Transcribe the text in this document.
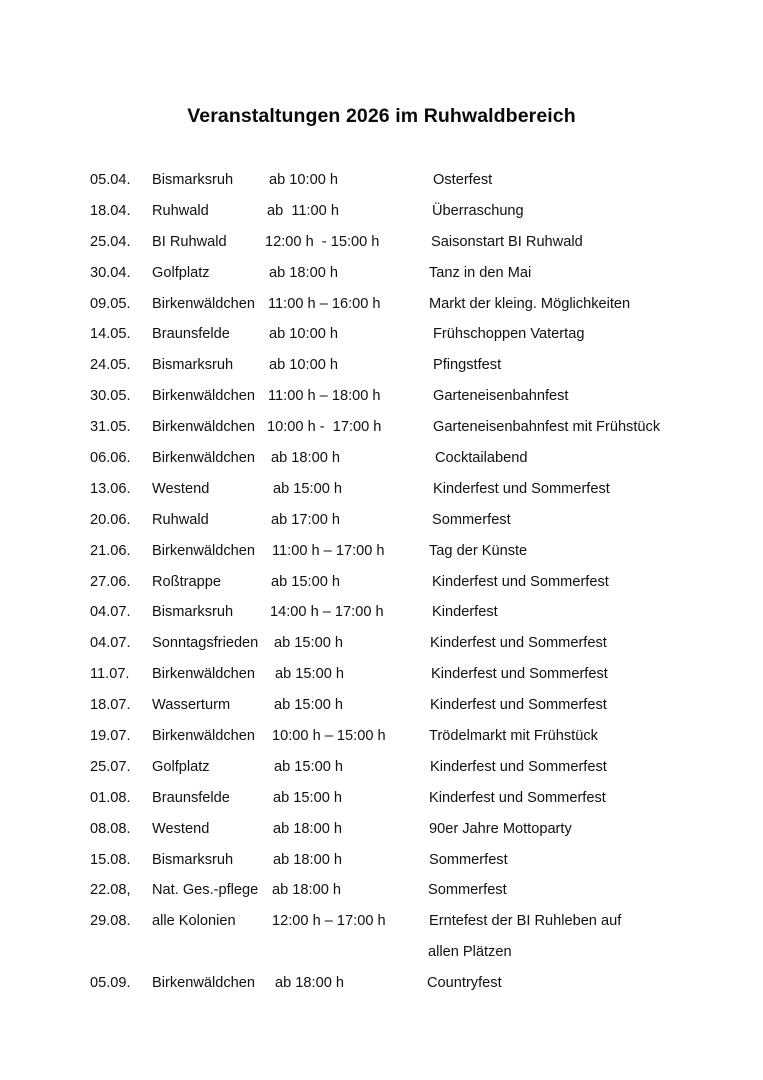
Veranstaltungen 2026 im Ruhwaldbereich
05.04. Bismarksruh ab 10:00 h	Osterfest
18.04. Ruhwald	ab  11:00 h	Überraschung
25.04. BI Ruhwald	12:00 h  - 15:00 h	Saisonstart BI Ruhwald
30.04. Golfplatz	ab 18:00 h	Tanz in den Mai
09.05. Birkenwäldchen 11:00 h – 16:00 h	Markt der kleing. Möglichkeiten
14.05. Braunsfelde	ab 10:00 h	Frühschoppen Vatertag
24.05. Bismarksruh ab 10:00 h	Pfingstfest
30.05. Birkenwäldchen 11:00 h – 18:00 h	Garteneisenbahnfest
31.05. Birkenwäldchen 10:00 h -  17:00 h	Garteneisenbahnfest mit Frühstück
06.06. Birkenwäldchen ab 18:00 h	Cocktailabend
13.06. Westend	ab 15:00 h	Kinderfest und Sommerfest
20.06. Ruhwald	ab 17:00 h	Sommerfest
21.06. Birkenwäldchen 11:00 h – 17:00 h	Tag der Künste
27.06. Roßtrappe	ab 15:00 h	Kinderfest und Sommerfest
04.07. Bismarksruh	14:00 h – 17:00 h	Kinderfest
04.07. Sonntagsfrieden ab 15:00 h	Kinderfest und Sommerfest
11.07. Birkenwäldchen ab 15:00 h	Kinderfest und Sommerfest
18.07. Wasserturm	ab 15:00 h	Kinderfest und Sommerfest
19.07. Birkenwäldchen 10:00 h – 15:00 h	Trödelmarkt mit Frühstück
25.07. Golfplatz	ab 15:00 h	Kinderfest und Sommerfest
01.08. Braunsfelde	ab 15:00 h	Kinderfest und Sommerfest
08.08. Westend	ab 18:00 h	90er Jahre Mottoparty
15.08. Bismarksruh	ab 18:00 h	Sommerfest
22.08, Nat. Ges.-pflege ab 18:00 h	Sommerfest
29.08. alle Kolonien 12:00 h – 17:00 h	Erntefest der BI Ruhleben auf
allen Plätzen
05.09. Birkenwäldchen ab 18:00 h	Countryfest
